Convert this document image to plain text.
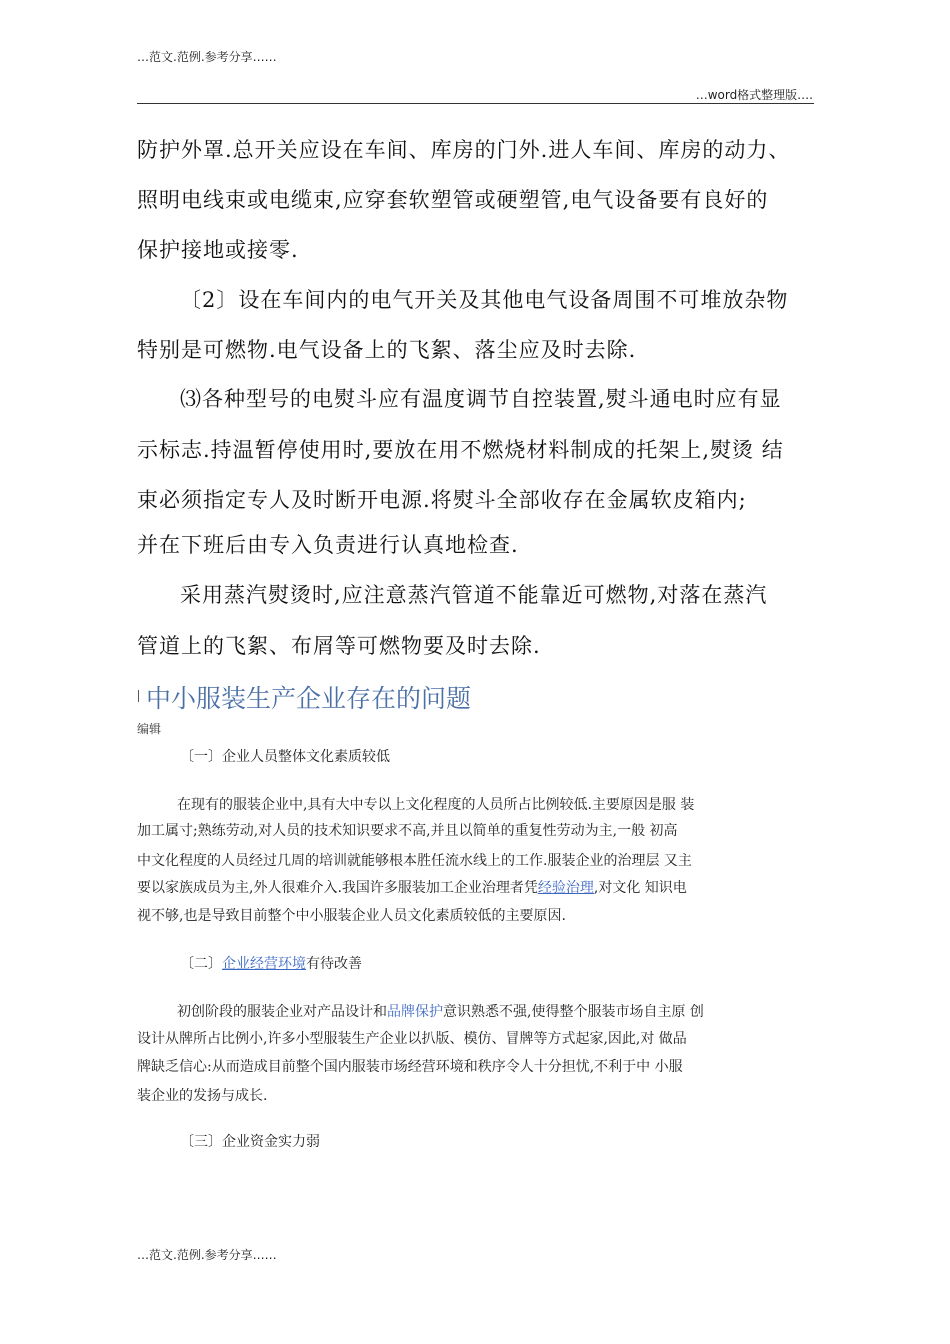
…范文.范例.参考分享……
…word格式整理版….
防护外罩.总开关应设在车间、库房的门外.进人车间、库房的动力、
照明电线束或电缆束,应穿套软塑管或硬塑管,电气设备要有良好的
保护接地或接零.
〔2〕设在车间内的电气开关及其他电气设备周围不可堆放杂物
特别是可燃物.电气设备上的飞絮、落尘应及时去除.
⑶各种型号的电熨斗应有温度调节自控装置,熨斗通电时应有显
示标志.持温暂停使用时,要放在用不燃烧材料制成的托架上,熨烫 结
束必须指定专人及时断开电源.将熨斗全部收存在金属软皮箱内;
并在下班后由专入负责进行认真地检查.
采用蒸汽熨烫时,应注意蒸汽管道不能靠近可燃物,对落在蒸汽
管道上的飞絮、布屑等可燃物要及时去除.
中小服装生产企业存在的问题
编辑
〔一〕企业人员整体文化素质较低
在现有的服装企业中,具有大中专以上文化程度的人员所占比例较低.主要原因是服 装
加工属寸;熟练劳动,对人员的技术知识要求不高,并且以简单的重复性劳动为主,一般 初高
中文化程度的人员经过几周的培训就能够根本胜任流水线上的工作.服装企业的治理层 又主
要以家族成员为主,外人很难介入.我国许多服装加工企业治理者凭经验治理,对文化 知识电
视不够,也是导致目前整个中小服装企业人员文化素质较低的主要原因.
〔二〕企业经营环境有待改善
初创阶段的服装企业对产品设计和品牌保护意识熟悉不强,使得整个服装市场自主原 创
设计从牌所占比例小,许多小型服装生产企业以扒版、模仿、冒牌等方式起家,因此,对 做品
牌缺乏信心:从而造成目前整个国内服装市场经营环境和秩序令人十分担忧,不利于中 小服
装企业的发扬与成长.
〔三〕企业资金实力弱
…范文.范例.参考分享……
